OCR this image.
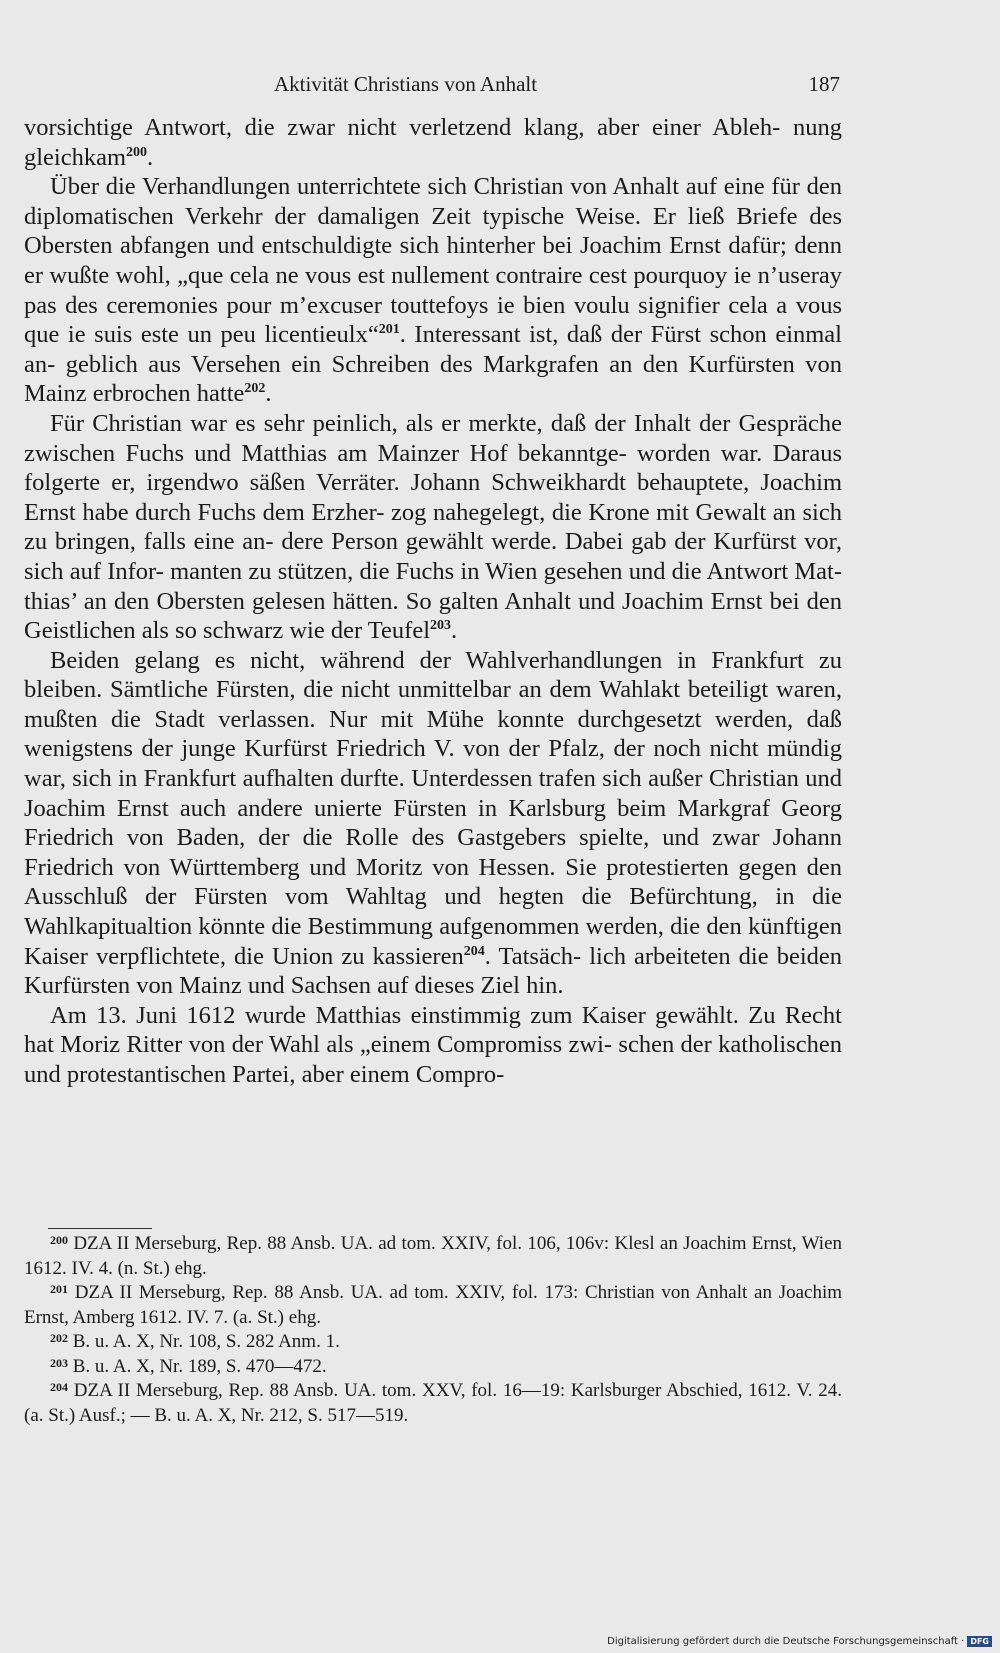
Aktivität Christians von Anhalt	187

vorsichtige Antwort, die zwar nicht verletzend klang, aber einer Ableh- nung gleichkam$^{200}$.

Über die Verhandlungen unterrichtete sich Christian von Anhalt auf eine für den diplomatischen Verkehr der damaligen Zeit typische Weise. Er ließ Briefe des Obersten abfangen und entschuldigte sich hinterher bei Joachim Ernst dafür; denn er wußte wohl, „que cela ne vous est nullement contraire cest pourquoy ie n’useray pas des ceremonies pour m’excuser touttefoys ie bien voulu signifier cela a vous que ie suis este un peu licentieulx“$^{201}$. Interessant ist, daß der Fürst schon einmal an- geblich aus Versehen ein Schreiben des Markgrafen an den Kurfürsten von Mainz erbrochen hatte$^{202}$.

Für Christian war es sehr peinlich, als er merkte, daß der Inhalt der Gespräche zwischen Fuchs und Matthias am Mainzer Hof bekanntge- worden war. Daraus folgerte er, irgendwo säßen Verräter. Johann Schweikhardt behauptete, Joachim Ernst habe durch Fuchs dem Erzher- zog nahegelegt, die Krone mit Gewalt an sich zu bringen, falls eine an- dere Person gewählt werde. Dabei gab der Kurfürst vor, sich auf Infor- manten zu stützen, die Fuchs in Wien gesehen und die Antwort Mat- thias’ an den Obersten gelesen hätten. So galten Anhalt und Joachim Ernst bei den Geistlichen als so schwarz wie der Teufel$^{203}$.

Beiden gelang es nicht, während der Wahlverhandlungen in Frankfurt zu bleiben. Sämtliche Fürsten, die nicht unmittelbar an dem Wahlakt beteiligt waren, mußten die Stadt verlassen. Nur mit Mühe konnte durchgesetzt werden, daß wenigstens der junge Kurfürst Friedrich V. von der Pfalz, der noch nicht mündig war, sich in Frankfurt aufhalten durfte. Unterdessen trafen sich außer Christian und Joachim Ernst auch andere unierte Fürsten in Karlsburg beim Markgraf Georg Friedrich von Baden, der die Rolle des Gastgebers spielte, und zwar Johann Friedrich von Württemberg und Moritz von Hessen. Sie protestierten gegen den Ausschluß der Fürsten vom Wahltag und hegten die Befürchtung, in die Wahlkapitualtion könnte die Bestimmung aufgenommen werden, die den künftigen Kaiser verpflichtete, die Union zu kassieren$^{204}$. Tatsäch- lich arbeiteten die beiden Kurfürsten von Mainz und Sachsen auf dieses Ziel hin.

Am 13. Juni 1612 wurde Matthias einstimmig zum Kaiser gewählt. Zu Recht hat Moriz Ritter von der Wahl als „einem Compromiss zwi- schen der katholischen und protestantischen Partei, aber einem Compro-

$^{200}$ DZA II Merseburg, Rep. 88 Ansb. UA. ad tom. XXIV, fol. 106, 106v: Klesl an Joachim Ernst, Wien 1612. IV. 4. (n. St.) ehg.

$^{201}$ DZA II Merseburg, Rep. 88 Ansb. UA. ad tom. XXIV, fol. 173: Christian von Anhalt an Joachim Ernst, Amberg 1612. IV. 7. (a. St.) ehg.

$^{202}$ B. u. A. X, Nr. 108, S. 282 Anm. 1.

$^{203}$ B. u. A. X, Nr. 189, S. 470—472.

$^{204}$ DZA II Merseburg, Rep. 88 Ansb. UA. tom. XXV, fol. 16—19: Karlsburger Abschied, 1612. V. 24. (a. St.) Ausf.; — B. u. A. X, Nr. 212, S. 517—519.

Digitalisierung gefördert durch die Deutsche Forschungsgemeinschaft · DFG
